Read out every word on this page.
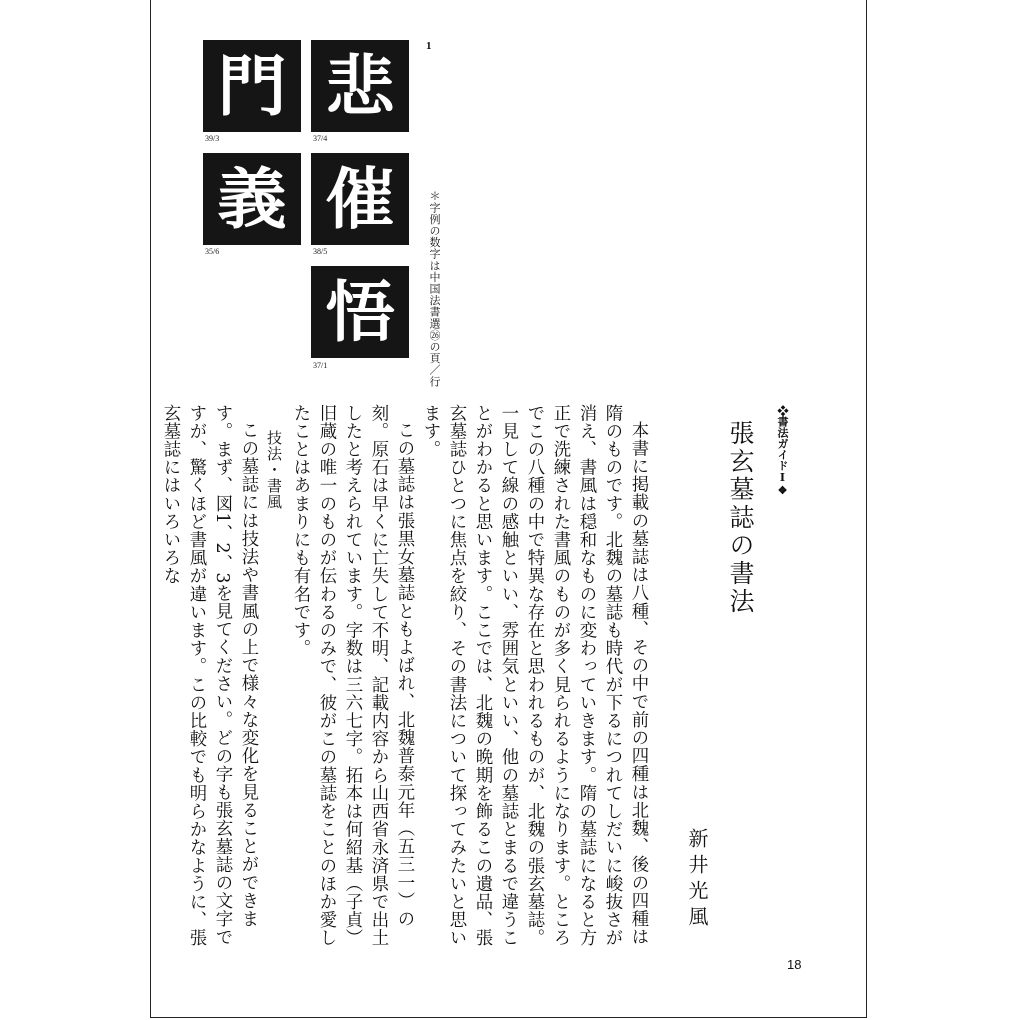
悲
門
催
義
悟
37/4
39/3
38/5
35/6
37/1
1
＊字例の数字は中国法書選㉖の頁／行
❖書法ガイドⅠ❖
張玄墓誌の書法
新井光風

本書に掲載の墓誌は八種、その中で前の四種は北魏、後の四種は隋のものです。北魏の墓誌も時代が下るにつれてしだいに峻抜さが消え、書風は穏和なものに変わっていきます。隋の墓誌になると方正で洗練された書風のものが多く見られるようになります。ところでこの八種の中で特異な存在と思われるものが、北魏の張玄墓誌。一見して線の感触といい、雰囲気といい、他の墓誌とまるで違うことがわかると思います。ここでは、北魏の晩期を飾るこの遺品、張玄墓誌ひとつに焦点を絞り、その書法について探ってみたいと思います。

この墓誌は張黒女墓誌ともよばれ、北魏普泰元年（五三一）の刻。原石は早くに亡失して不明、記載内容から山西省永済県で出土したと考えられています。字数は三六七字。拓本は何紹基（子貞）旧蔵の唯一のものが伝わるのみで、彼がこの墓誌をことのほか愛したことはあまりにも有名です。

技法・書風

この墓誌には技法や書風の上で様々な変化を見ることができます。まず、図1、2、3を見てください。どの字も張玄墓誌の文字ですが、驚くほど書風が違います。この比較でも明らかなように、張玄墓誌にはいろいろな

18
